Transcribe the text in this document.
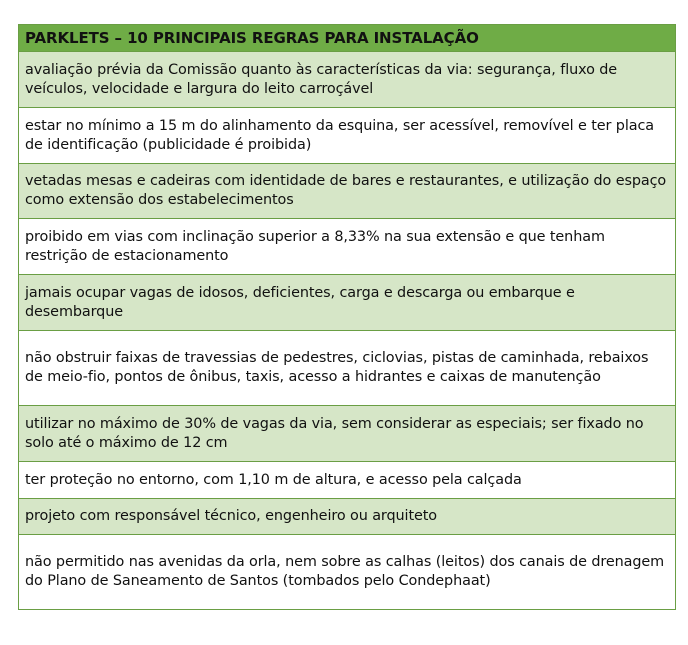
PARKLETS – 10 PRINCIPAIS REGRAS PARA INSTALAÇÃO
avaliação prévia da Comissão quanto às características da via: segurança, fluxo de veículos, velocidade e largura do leito carroçável
estar no mínimo a 15 m do alinhamento da esquina, ser acessível, removível e ter placa de identificação (publicidade é proibida)
vetadas mesas e cadeiras com identidade de bares e restaurantes, e utilização do espaço como extensão dos estabelecimentos
proibido em vias com inclinação superior a 8,33% na sua extensão e que tenham restrição de estacionamento
jamais ocupar vagas de idosos, deficientes, carga e descarga ou embarque e desembarque
não obstruir faixas de travessias de pedestres, ciclovias, pistas de caminhada, rebaixos de meio-fio, pontos de ônibus, taxis, acesso a hidrantes e caixas de manutenção
utilizar no máximo de 30% de vagas da via, sem considerar as especiais; ser fixado no solo até o máximo de 12 cm
ter proteção no entorno, com 1,10 m de altura, e acesso pela calçada
projeto com responsável técnico, engenheiro ou arquiteto
não permitido nas avenidas da orla, nem sobre as calhas (leitos) dos canais de drenagem do Plano de Saneamento de Santos (tombados pelo Condephaat)
